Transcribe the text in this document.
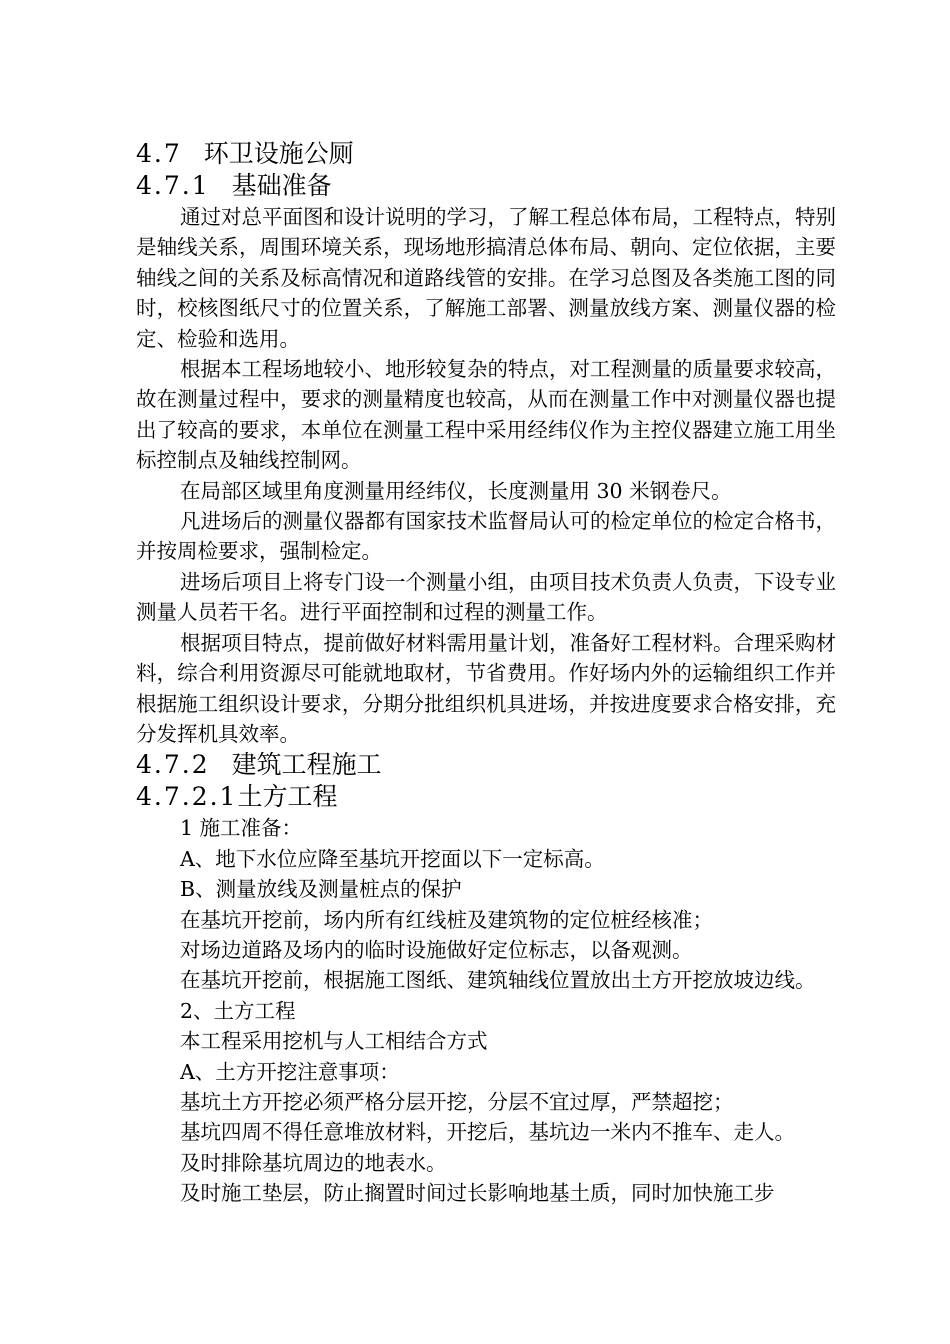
4.7 环卫设施公厕
4.7.1 基础准备

通过对总平面图和设计说明的学习，了解工程总体布局，工程特点，特别是轴线关系，周围环境关系，现场地形搞清总体布局、朝向、定位依据，主要轴线之间的关系及标高情况和道路线管的安排。在学习总图及各类施工图的同时，校核图纸尺寸的位置关系，了解施工部署、测量放线方案、测量仪器的检定、检验和选用。

根据本工程场地较小、地形较复杂的特点，对工程测量的质量要求较高，故在测量过程中，要求的测量精度也较高，从而在测量工作中对测量仪器也提出了较高的要求，本单位在测量工程中采用经纬仪作为主控仪器建立施工用坐标控制点及轴线控制网。

在局部区域里角度测量用经纬仪，长度测量用 30 米钢卷尺。

凡进场后的测量仪器都有国家技术监督局认可的检定单位的检定合格书，并按周检要求，强制检定。

进场后项目上将专门设一个测量小组，由项目技术负责人负责，下设专业测量人员若干名。进行平面控制和过程的测量工作。

根据项目特点，提前做好材料需用量计划，准备好工程材料。合理采购材料，综合利用资源尽可能就地取材，节省费用。作好场内外的运输组织工作并根据施工组织设计要求，分期分批组织机具进场，并按进度要求合格安排，充分发挥机具效率。

4.7.2 建筑工程施工
4.7.2.1土方工程

1 施工准备：

A、地下水位应降至基坑开挖面以下一定标高。

B、测量放线及测量桩点的保护

在基坑开挖前，场内所有红线桩及建筑物的定位桩经核准；

对场边道路及场内的临时设施做好定位标志，以备观测。

在基坑开挖前，根据施工图纸、建筑轴线位置放出土方开挖放坡边线。

2、土方工程

本工程采用挖机与人工相结合方式

A、土方开挖注意事项：

基坑土方开挖必须严格分层开挖，分层不宜过厚，严禁超挖；

基坑四周不得任意堆放材料，开挖后，基坑边一米内不推车、走人。

及时排除基坑周边的地表水。

及时施工垫层，防止搁置时间过长影响地基土质，同时加快施工步
